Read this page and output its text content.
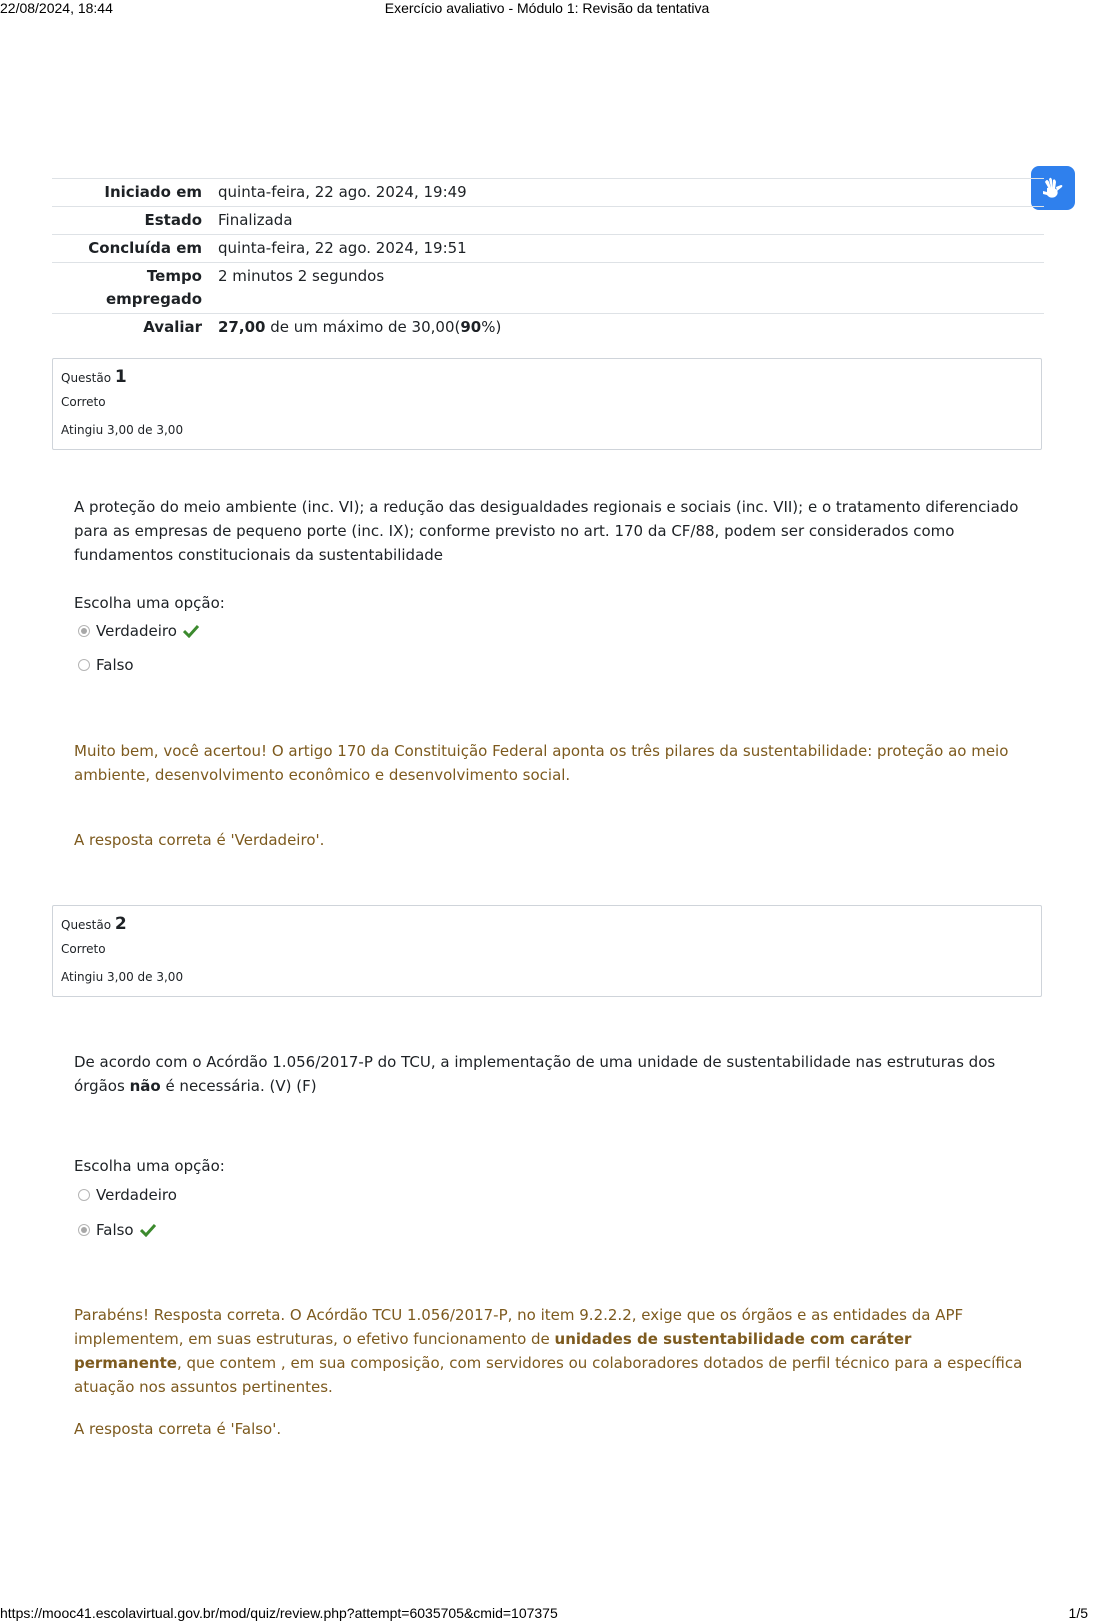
22/08/2024, 18:44	Exercício avaliativo - Módulo 1: Revisão da tentativa
Iniciado em	quinta-feira, 22 ago. 2024, 19:49
Estado	Finalizada
Concluída em	quinta-feira, 22 ago. 2024, 19:51
Tempo
empregado	2 minutos 2 segundos
Avaliar	27,00 de um máximo de 30,00(90%)
Questão 1
Correto
Atingiu 3,00 de 3,00
A proteção do meio ambiente (inc. VI); a redução das desigualdades regionais e sociais (inc. VII); e o tratamento diferenciado para as empresas de pequeno porte (inc. IX); conforme previsto no art. 170 da CF/88, podem ser considerados como fundamentos constitucionais da sustentabilidade
Escolha uma opção:
Verdadeiro
Falso
Muito bem, você acertou! O artigo 170 da Constituição Federal aponta os três pilares da sustentabilidade: proteção ao meio ambiente, desenvolvimento econômico e desenvolvimento social.
A resposta correta é 'Verdadeiro'.
Questão 2
Correto
Atingiu 3,00 de 3,00
De acordo com o Acórdão 1.056/2017-P do TCU, a implementação de uma unidade de sustentabilidade nas estruturas dos órgãos não é necessária. (V) (F)
Escolha uma opção:
Verdadeiro
Falso
Parabéns! Resposta correta. O Acórdão TCU 1.056/2017-P, no item 9.2.2.2, exige que os órgãos e as entidades da APF implementem, em suas estruturas, o efetivo funcionamento de unidades de sustentabilidade com caráter permanente, que contem , em sua composição, com servidores ou colaboradores dotados de perfil técnico para a específica atuação nos assuntos pertinentes.
A resposta correta é 'Falso'.
https://mooc41.escolavirtual.gov.br/mod/quiz/review.php?attempt=6035705&cmid=107375	1/5
